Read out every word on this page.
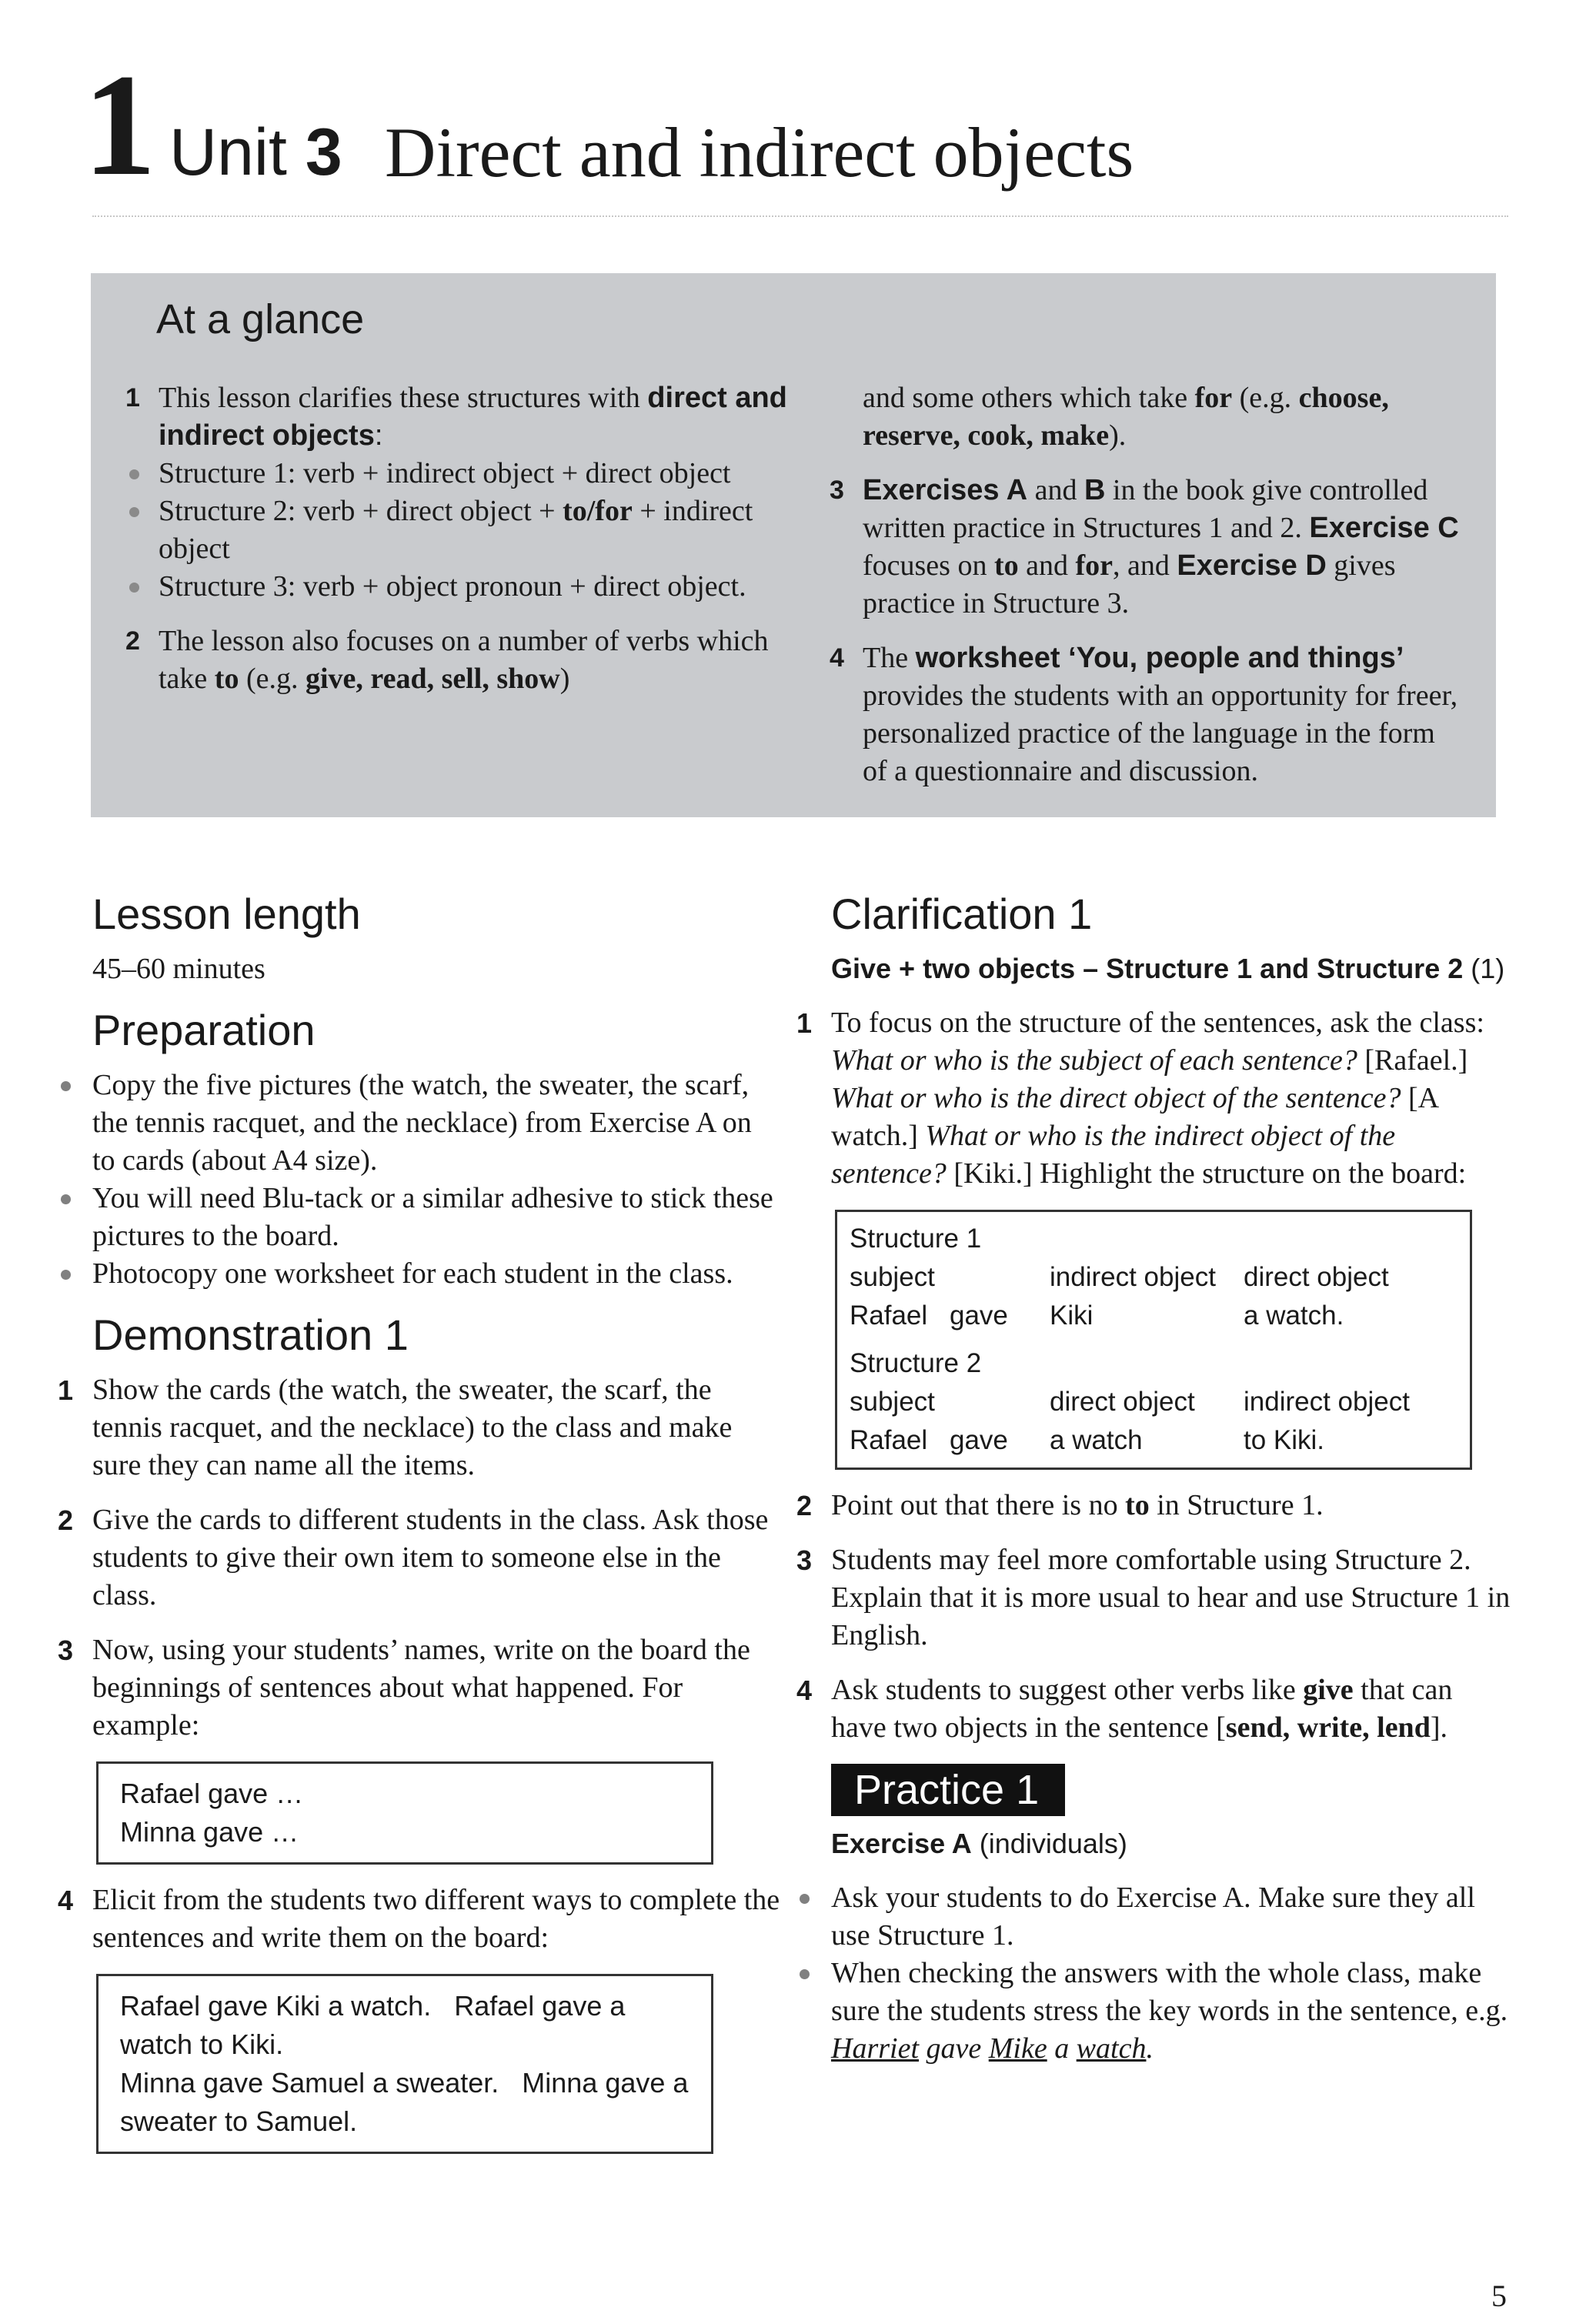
1 Unit 3 Direct and indirect objects
At a glance
1 This lesson clarifies these structures with direct and indirect objects:
Structure 1: verb + indirect object + direct object
Structure 2: verb + direct object + to/for + indirect object
Structure 3: verb + object pronoun + direct object.
2 The lesson also focuses on a number of verbs which take to (e.g. give, read, sell, show)
and some others which take for (e.g. choose, reserve, cook, make).
3 Exercises A and B in the book give controlled written practice in Structures 1 and 2. Exercise C focuses on to and for, and Exercise D gives practice in Structure 3.
4 The worksheet ‘You, people and things’ provides the students with an opportunity for freer, personalized practice of the language in the form of a questionnaire and discussion.
Lesson length
45–60 minutes
Preparation
Copy the five pictures (the watch, the sweater, the scarf, the tennis racquet, and the necklace) from Exercise A on to cards (about A4 size).
You will need Blu-tack or a similar adhesive to stick these pictures to the board.
Photocopy one worksheet for each student in the class.
Demonstration 1
1 Show the cards (the watch, the sweater, the scarf, the tennis racquet, and the necklace) to the class and make sure they can name all the items.
2 Give the cards to different students in the class. Ask those students to give their own item to someone else in the class.
3 Now, using your students’ names, write on the board the beginnings of sentences about what happened. For example:
Rafael gave …
Minna gave …
4 Elicit from the students two different ways to complete the sentences and write them on the board:
Rafael gave Kiki a watch. Rafael gave a watch to Kiki.
Minna gave Samuel a sweater. Minna gave a sweater to Samuel.
Clarification 1
Give + two objects – Structure 1 and Structure 2 (1)
1 To focus on the structure of the sentences, ask the class: What or who is the subject of each sentence? [Rafael.] What or who is the direct object of the sentence? [A watch.] What or who is the indirect object of the sentence? [Kiki.] Highlight the structure on the board:
Structure 1
subject	indirect object	direct object
Rafael gave	Kiki	a watch.
Structure 2
subject	direct object	indirect object
Rafael gave	a watch	to Kiki.
2 Point out that there is no to in Structure 1.
3 Students may feel more comfortable using Structure 2. Explain that it is more usual to hear and use Structure 1 in English.
4 Ask students to suggest other verbs like give that can have two objects in the sentence [send, write, lend].
Practice 1
Exercise A (individuals)
Ask your students to do Exercise A. Make sure they all use Structure 1.
When checking the answers with the whole class, make sure the students stress the key words in the sentence, e.g. Harriet gave Mike a watch.
5
